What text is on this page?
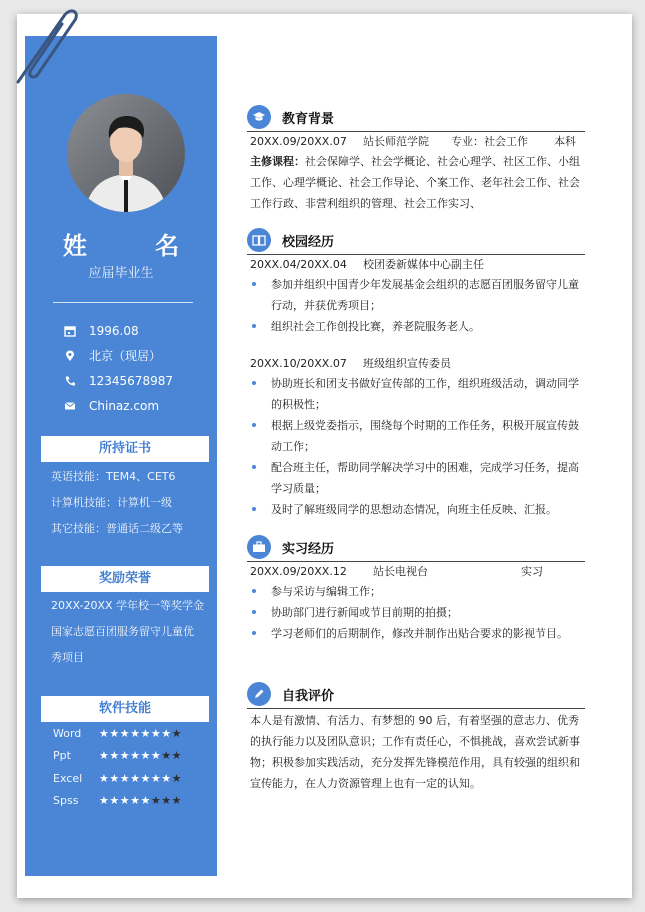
姓 名
应届毕业生
1996.08
北京（现居）
12345678987
Chinaz.com
所持证书
英语技能：TEM4、CET6
计算机技能：计算机一级
其它技能：普通话二级乙等
奖励荣誉
20XX-20XX 学年校一等奖学金
国家志愿百团服务留守儿童优
秀项目
软件技能
Word	★★★★★★★★
Ppt	★★★★★★★★
Excel	★★★★★★★★
Spss	★★★★★★★★
教育背景
20XX.09/20XX.07	站长师范学院	专业：社会工作	本科
主修课程：社会保障学、社会学概论、社会心理学、社区工作、小组工作、心理学概论、社会工作导论、个案工作、老年社会工作、社会工作行政、非营利组织的管理、社会工作实习、
校园经历
20XX.04/20XX.04	校团委新媒体中心副主任
参加并组织中国青少年发展基金会组织的志愿百团服务留守儿童行动，并获优秀项目；
组织社会工作创投比赛，养老院服务老人。
20XX.10/20XX.07	班级组织宣传委员
协助班长和团支书做好宣传部的工作，组织班级活动，调动同学的积极性；
根据上级党委指示，围绕每个时期的工作任务，积极开展宣传鼓动工作；
配合班主任，帮助同学解决学习中的困难，完成学习任务，提高学习质量；
及时了解班级同学的思想动态情况，向班主任反映、汇报。
实习经历
20XX.09/20XX.12	站长电视台	实习
参与采访与编辑工作；
协助部门进行新闻或节目前期的拍摄；
学习老师们的后期制作，修改并制作出贴合要求的影视节目。
自我评价
本人是有激情、有活力、有梦想的 90 后，有着坚强的意志力、优秀的执行能力以及团队意识；工作有责任心，不惧挑战，喜欢尝试新事物；积极参加实践活动，充分发挥先锋模范作用，具有较强的组织和宣传能力，在人力资源管理上也有一定的认知。
